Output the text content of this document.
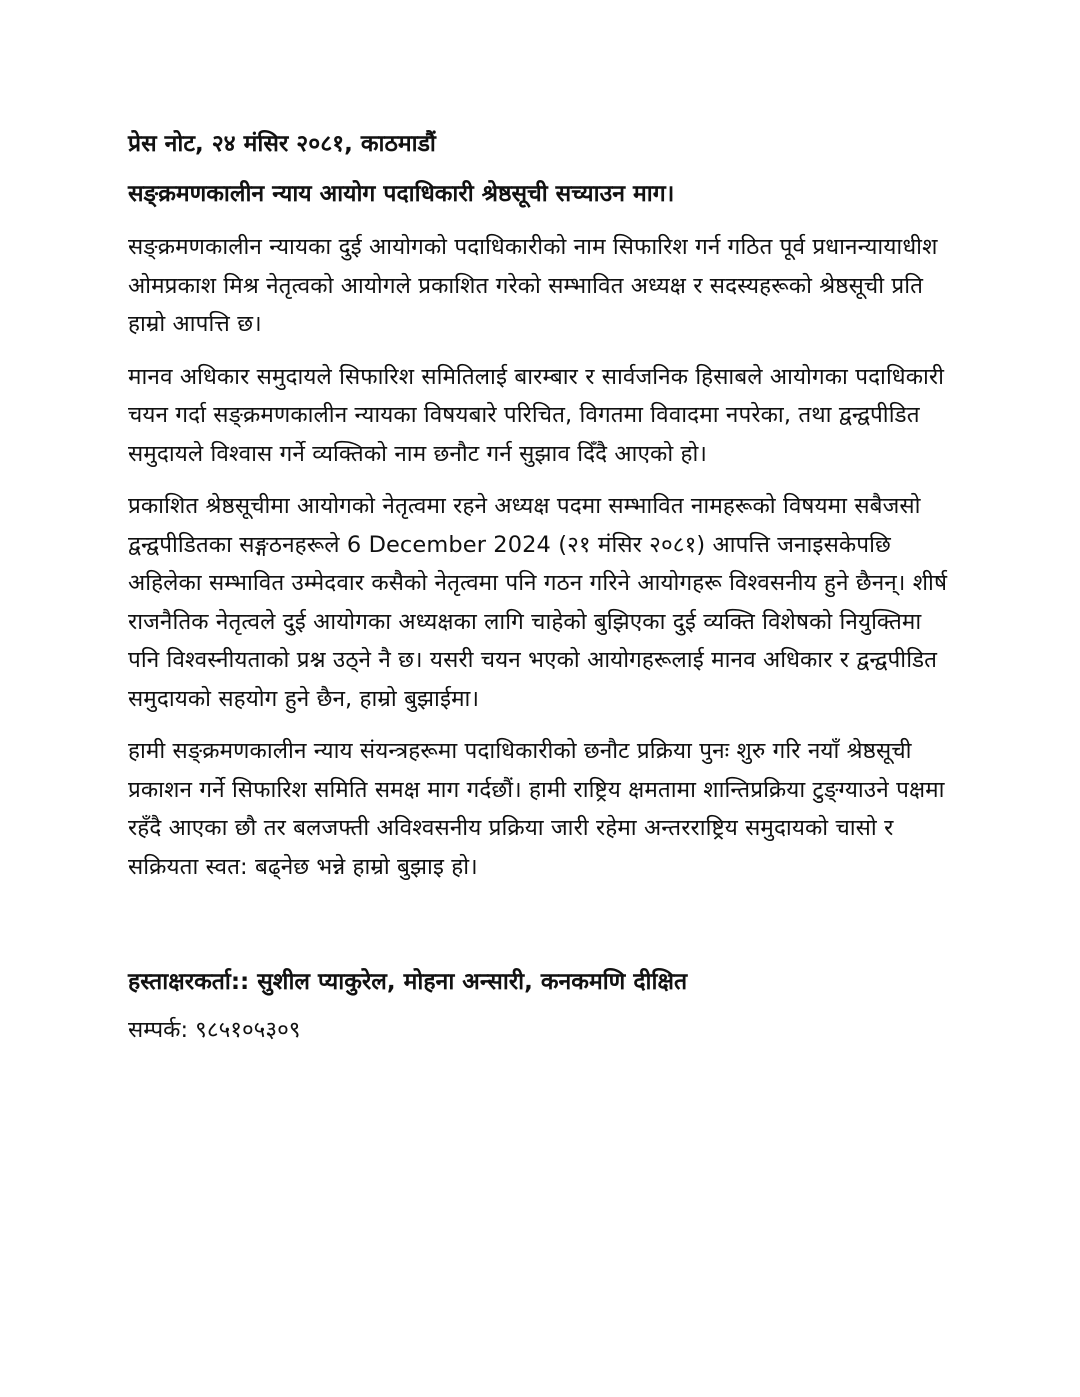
प्रेस नोट, २४ मंसिर २०८१, काठमाडौं
सङ्क्रमणकालीन न्याय आयोग पदाधिकारी श्रेष्ठसूची सच्याउन माग।

सङ्क्रमणकालीन न्यायका दुई आयोगको पदाधिकारीको नाम सिफारिश गर्न गठित पूर्व प्रधानन्यायाधीश ओमप्रकाश मिश्र नेतृत्वको आयोगले प्रकाशित गरेको सम्भावित अध्यक्ष र सदस्यहरूको श्रेष्ठसूची प्रति हाम्रो आपत्ति छ।

मानव अधिकार समुदायले सिफारिश समितिलाई बारम्बार र सार्वजनिक हिसाबले आयोगका पदाधिकारी चयन गर्दा सङ्क्रमणकालीन न्यायका विषयबारे परिचित, विगतमा विवादमा नपरेका, तथा द्वन्द्वपीडित समुदायले विश्वास गर्ने व्यक्तिको नाम छनौट गर्न सुझाव दिँदै आएको हो।

प्रकाशित श्रेष्ठसूचीमा आयोगको नेतृत्वमा रहने अध्यक्ष पदमा सम्भावित नामहरूको विषयमा सबैजसो द्वन्द्वपीडितका सङ्गठनहरूले 6 December 2024 (२१ मंसिर २०८१) आपत्ति जनाइसकेपछि अहिलेका सम्भावित उम्मेदवार कसैको नेतृत्वमा पनि गठन गरिने आयोगहरू विश्वसनीय हुने छैनन्। शीर्ष राजनैतिक नेतृत्वले दुई आयोगका अध्यक्षका लागि चाहेको बुझिएका दुई व्यक्ति विशेषको नियुक्तिमा पनि विश्वस्नीयताको प्रश्न उठ्ने नै छ। यसरी चयन भएको आयोगहरूलाई मानव अधिकार र द्वन्द्वपीडित समुदायको सहयोग हुने छैन, हाम्रो बुझाईमा।

हामी सङ्क्रमणकालीन न्याय संयन्त्रहरूमा पदाधिकारीको छनौट प्रक्रिया पुनः शुरु गरि नयाँ श्रेष्ठसूची प्रकाशन गर्ने सिफारिश समिति समक्ष माग गर्दछौं। हामी राष्ट्रिय क्षमतामा शान्तिप्रक्रिया टुङ्ग्याउने पक्षमा रहँदै आएका छौ तर बलजफ्ती अविश्वसनीय प्रक्रिया जारी रहेमा अन्तरराष्ट्रिय समुदायको चासो र सक्रियता स्वत: बढ्नेछ भन्ने हाम्रो बुझाइ हो।

हस्ताक्षरकर्ता:: सुशील प्याकुरेल, मोहना अन्सारी, कनकमणि दीक्षित
सम्पर्क: ९८५१०५३०९
